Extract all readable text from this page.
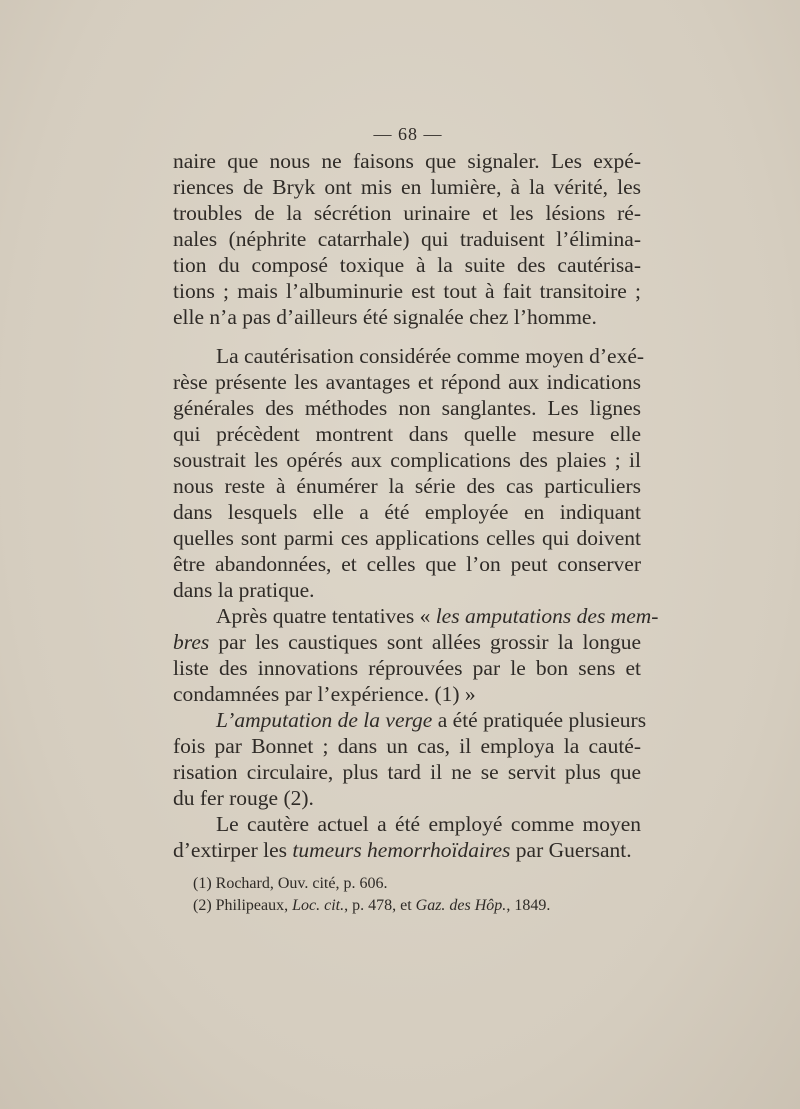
— 68 —
naire que nous ne faisons que signaler. Les expé-
riences de Bryk ont mis en lumière, à la vérité, les
troubles de la sécrétion urinaire et les lésions ré-
nales (néphrite catarrhale) qui traduisent l’élimina-
tion du composé toxique à la suite des cautérisa-
tions ; mais l’albuminurie est tout à fait transitoire ;
elle n’a pas d’ailleurs été signalée chez l’homme.
La cautérisation considérée comme moyen d’exé-
rèse présente les avantages et répond aux indications
générales des méthodes non sanglantes. Les lignes
qui précèdent montrent dans quelle mesure elle
soustrait les opérés aux complications des plaies ; il
nous reste à énumérer la série des cas particuliers
dans lesquels elle a été employée en indiquant
quelles sont parmi ces applications celles qui doivent
être abandonnées, et celles que l’on peut conserver
dans la pratique.
Après quatre tentatives « les amputations des mem-
bres par les caustiques sont allées grossir la longue
liste des innovations réprouvées par le bon sens et
condamnées par l’expérience. (1) »
L’amputation de la verge a été pratiquée plusieurs
fois par Bonnet ; dans un cas, il employa la cauté-
risation circulaire, plus tard il ne se servit plus que
du fer rouge (2).
Le cautère actuel a été employé comme moyen
d’extirper les tumeurs hemorrhoïdaires par Guersant.
(1) Rochard, Ouv. cité, p. 606.
(2) Philipeaux, Loc. cit., p. 478, et Gaz. des Hôp., 1849.
